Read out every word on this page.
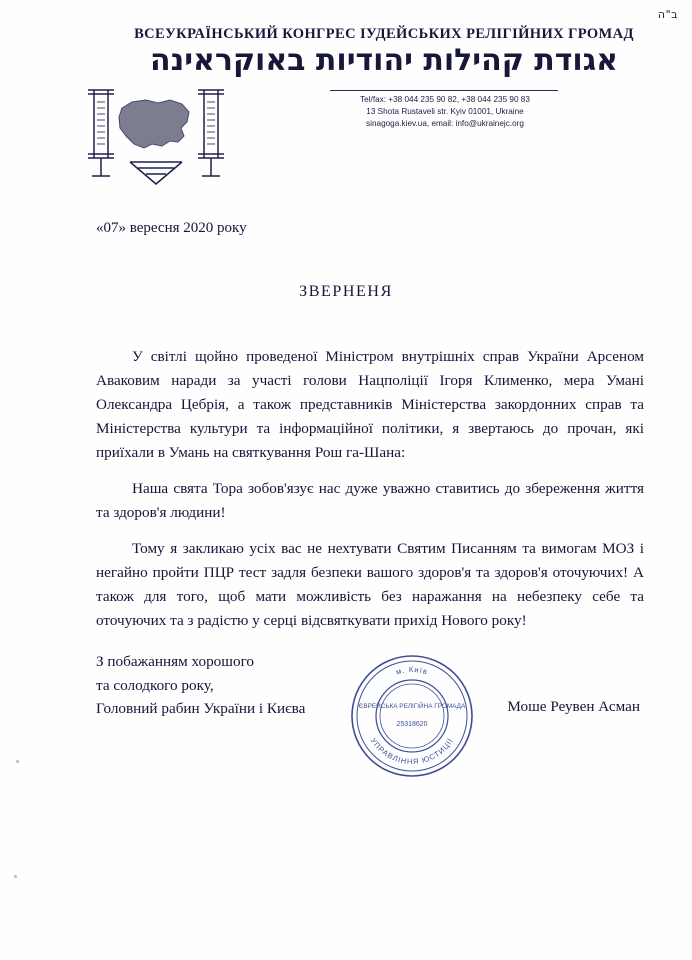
ב"ה
ВСЕУКРАЇНСЬКИЙ КОНГРЕС ІУДЕЙСЬКИХ РЕЛІГІЙНИХ ГРОМАД
אגודת קהילות יהודיות באוקראינה
Tel/fax: +38 044 235 90 82, +38 044 235 90 83
13 Shota Rustaveli str. Kyiv 01001, Ukraine
sinagoga.kiev.ua, email: info@ukrainejc.org
«07» вересня 2020 року
ЗВЕРНЕНЯ

У світлі щойно проведеної Міністром внутрішніх справ України Арсеном Аваковим наради за участі голови Нацполіції Ігоря Клименко, мера Умані Олександра Цебрія, а також представників Міністерства закордонних справ та Міністерства культури та інформаційної політики, я звертаюсь до прочан, які приїхали в Умань на святкування Рош га-Шана:

Наша свята Тора зобов'язує нас дуже уважно ставитись до збереження життя та здоров'я людини!

Тому я закликаю усіх вас не нехтувати Святим Писанням та вимогам МОЗ і негайно пройти ПЦР тест задля безпеки вашого здоров'я та здоров'я оточуючих! А також для того, щоб мати можливість без наражання на небезпеку себе та оточуючих та з радістю у серці відсвяткувати прихід Нового року!

З побажанням хорошого
та солодкого року,
Головний рабин України і Києва	Моше Реувен Асман
м. Київ
УПРАВЛІННЯ ЮСТИЦІЇ
ЄВРЕЙСЬКА РЕЛІГІЙНА ГРОМАДА
25318620
